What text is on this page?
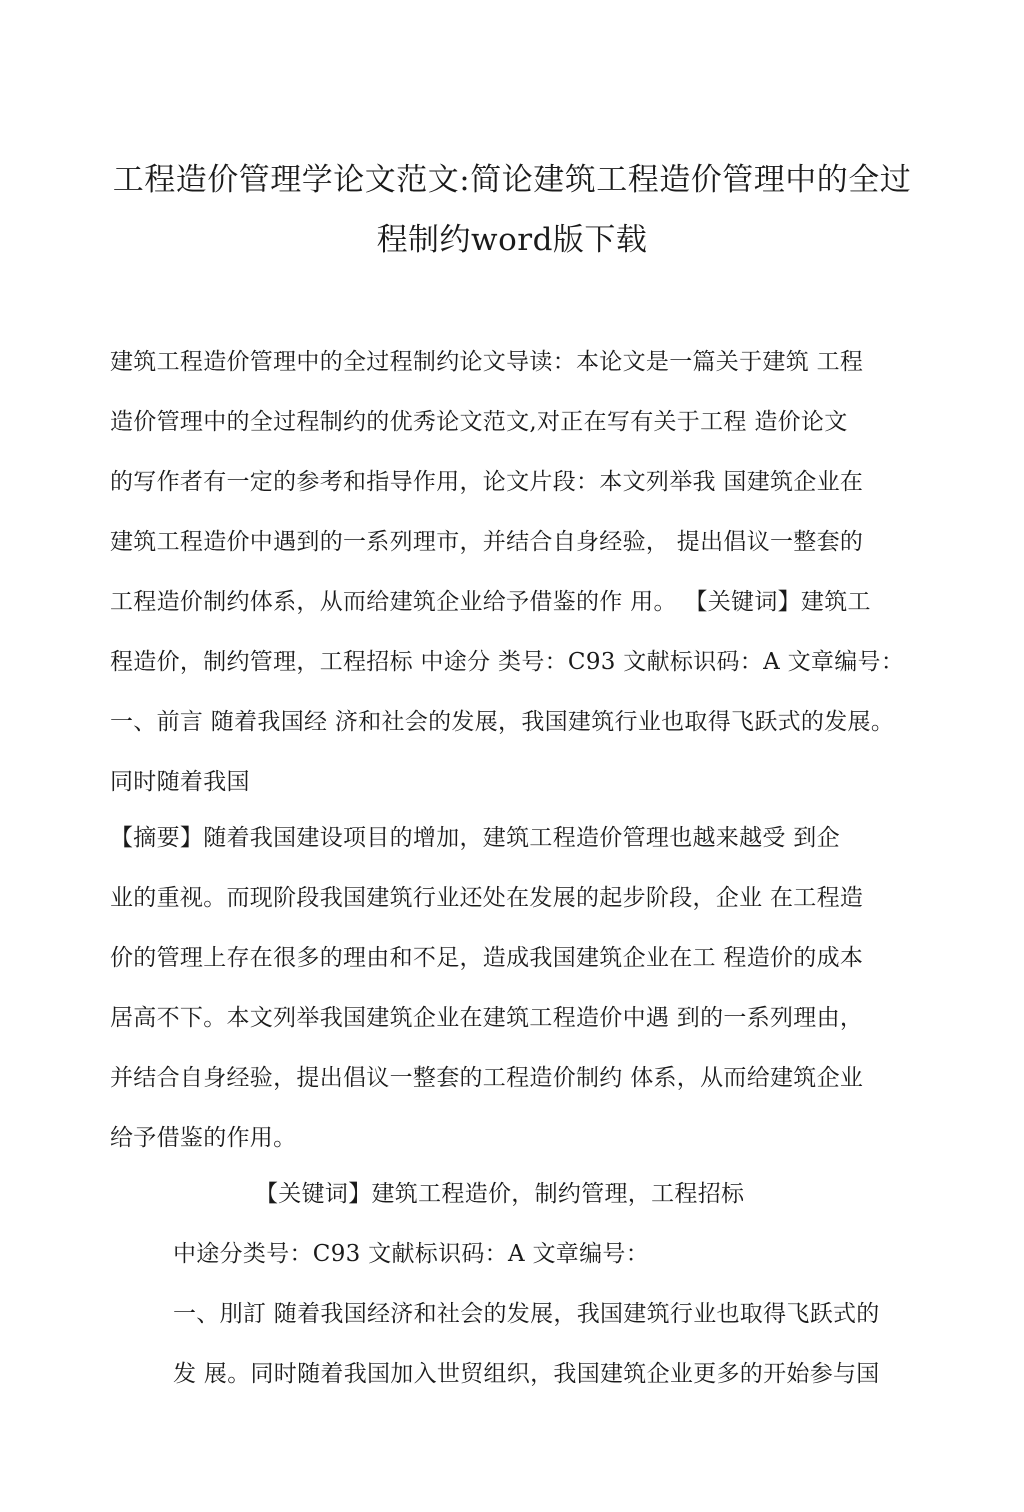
工程造价管理学论文范文:简论建筑工程造价管理中的全过
程制约word版下载

建筑工程造价管理中的全过程制约论文导读：本论文是一篇关于建筑 工程
造价管理中的全过程制约的优秀论文范文,对正在写有关于工程 造价论文
的写作者有一定的参考和指导作用，论文片段：本文列举我 国建筑企业在
建筑工程造价中遇到的一系列理市，并结合自身经验， 提出倡议一整套的
工程造价制约体系，从而给建筑企业给予借鉴的作 用。 【关键词】建筑工
程造价，制约管理，工程招标 中途分 类号：C93 文献标识码：A 文章编号：
一、前言 随着我国经 济和社会的发展，我国建筑行业也取得飞跃式的发展。
同时随着我国

【摘要】随着我国建设项目的增加，建筑工程造价管理也越来越受 到企
业的重视。而现阶段我国建筑行业还处在发展的起步阶段，企业 在工程造
价的管理上存在很多的理由和不足，造成我国建筑企业在工 程造价的成本
居高不下。本文列举我国建筑企业在建筑工程造价中遇 到的一系列理由，
并结合自身经验，提出倡议一整套的工程造价制约 体系，从而给建筑企业
给予借鉴的作用。

【关键词】建筑工程造价，制约管理，工程招标

中途分类号：C93 文献标识码：A 文章编号：

一、刖訂 随着我国经济和社会的发展，我国建筑行业也取得飞跃式的
发 展。同时随着我国加入世贸组织，我国建筑企业更多的开始参与国
